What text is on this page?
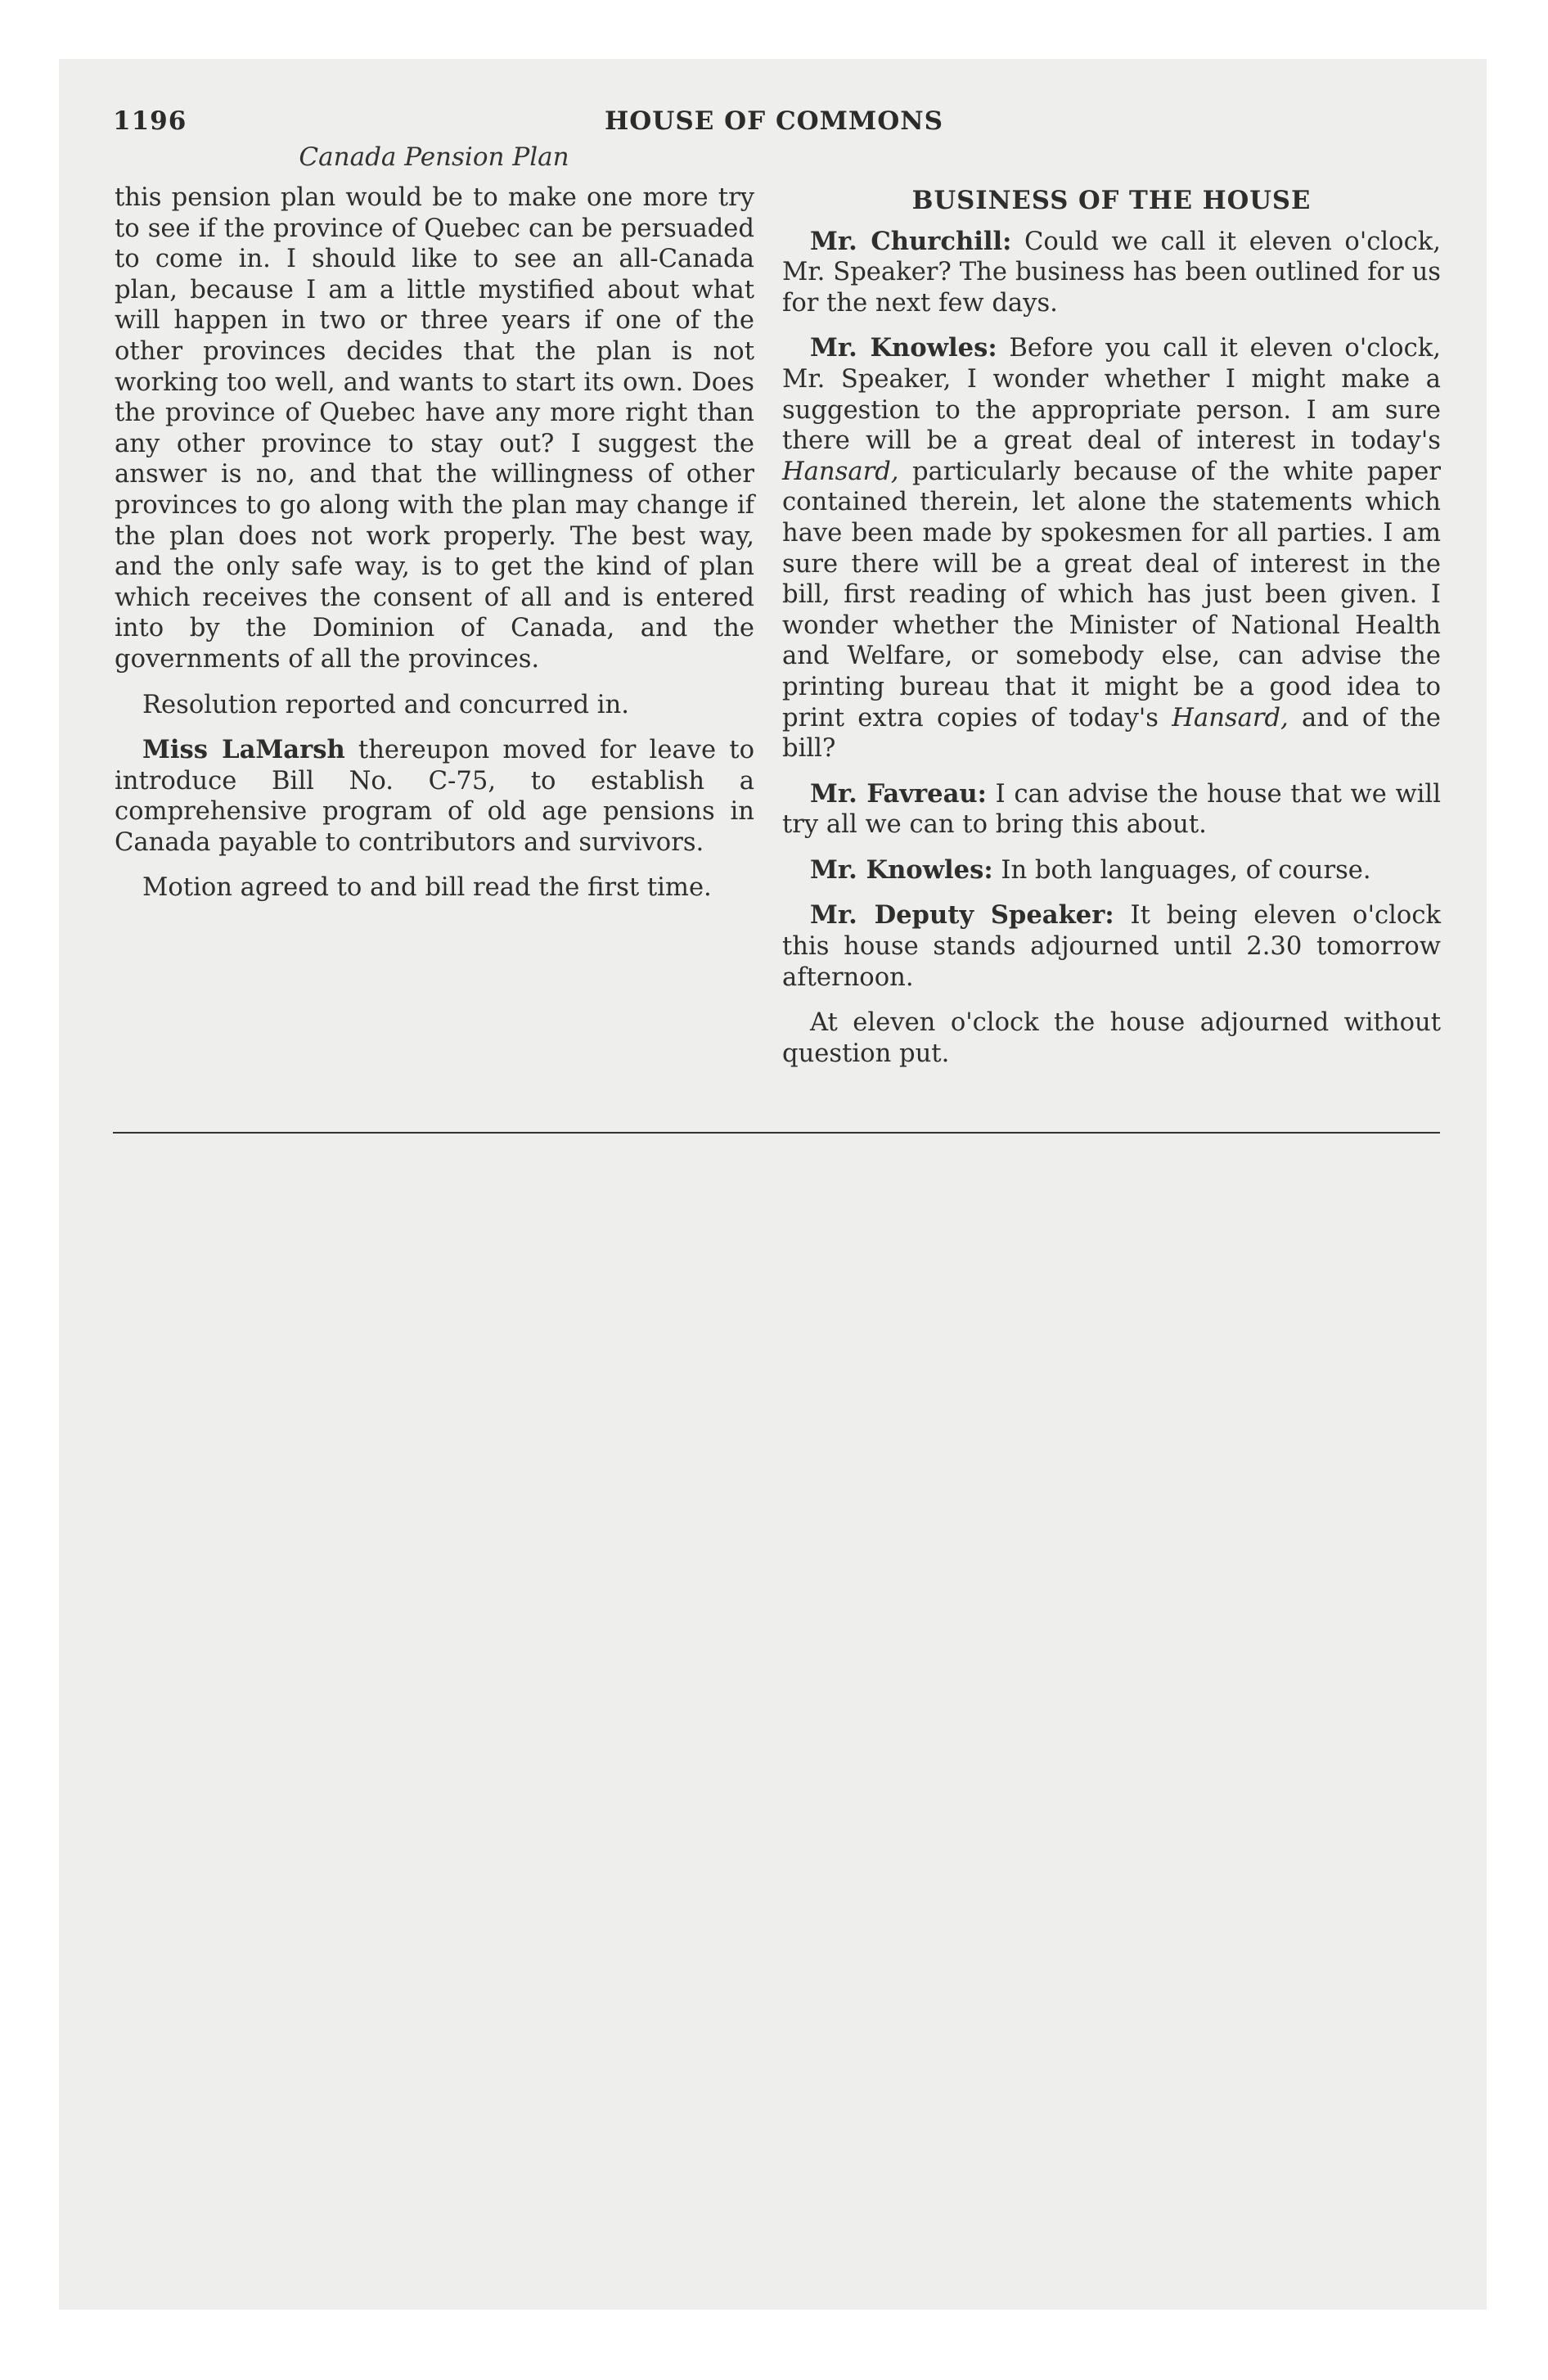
1196	HOUSE OF COMMONS
Canada Pension Plan

this pension plan would be to make one more try to see if the province of Quebec can be persuaded to come in. I should like to see an all-Canada plan, because I am a little mystified about what will happen in two or three years if one of the other provinces decides that the plan is not working too well, and wants to start its own. Does the province of Quebec have any more right than any other province to stay out? I suggest the answer is no, and that the willingness of other provinces to go along with the plan may change if the plan does not work properly. The best way, and the only safe way, is to get the kind of plan which receives the consent of all and is entered into by the Dominion of Canada, and the governments of all the provinces.

Resolution reported and concurred in.

Miss LaMarsh thereupon moved for leave to introduce Bill No. C-75, to establish a comprehensive program of old age pensions in Canada payable to contributors and survivors.

Motion agreed to and bill read the first time.

BUSINESS OF THE HOUSE

Mr. Churchill: Could we call it eleven o'clock, Mr. Speaker? The business has been outlined for us for the next few days.

Mr. Knowles: Before you call it eleven o'clock, Mr. Speaker, I wonder whether I might make a suggestion to the appropriate person. I am sure there will be a great deal of interest in today's Hansard, particularly because of the white paper contained therein, let alone the statements which have been made by spokesmen for all parties. I am sure there will be a great deal of interest in the bill, first reading of which has just been given. I wonder whether the Minister of National Health and Welfare, or somebody else, can advise the printing bureau that it might be a good idea to print extra copies of today's Hansard, and of the bill?

Mr. Favreau: I can advise the house that we will try all we can to bring this about.

Mr. Knowles: In both languages, of course.

Mr. Deputy Speaker: It being eleven o'clock this house stands adjourned until 2.30 tomorrow afternoon.

At eleven o'clock the house adjourned without question put.
